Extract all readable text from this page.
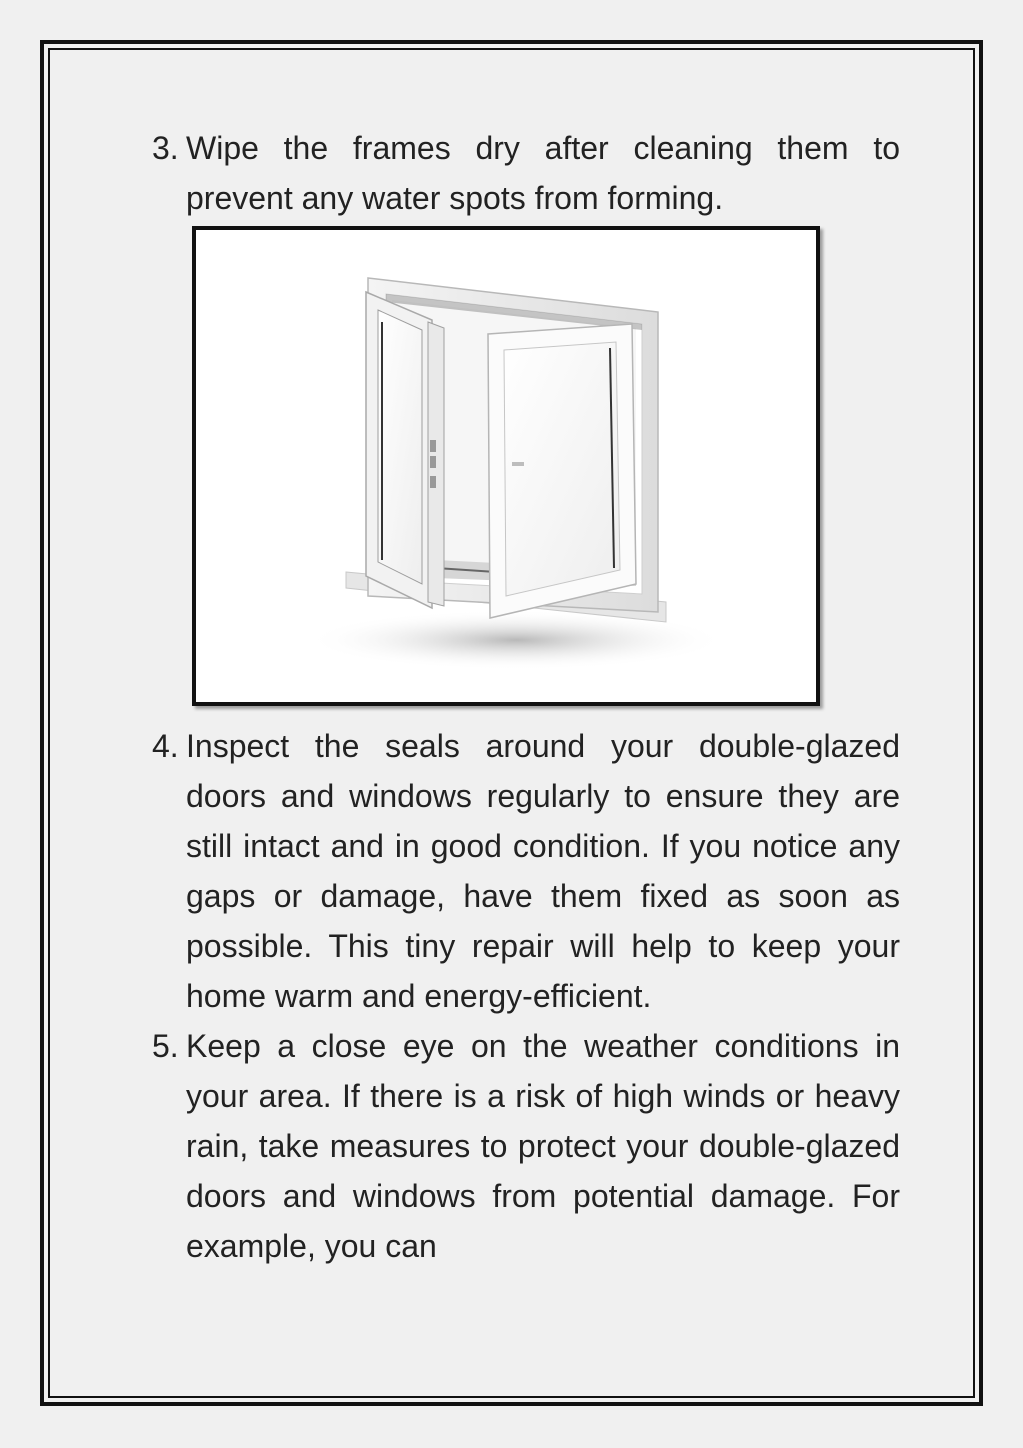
3. Wipe the frames dry after cleaning them to prevent any water spots from forming.
4. Inspect the seals around your double-glazed doors and windows regularly to ensure they are still intact and in good condition. If you notice any gaps or damage, have them fixed as soon as possible. This tiny repair will help to keep your home warm and energy-efficient.
5. Keep a close eye on the weather conditions in your area. If there is a risk of high winds or heavy rain, take measures to protect your double-glazed doors and windows from potential damage. For example, you can
